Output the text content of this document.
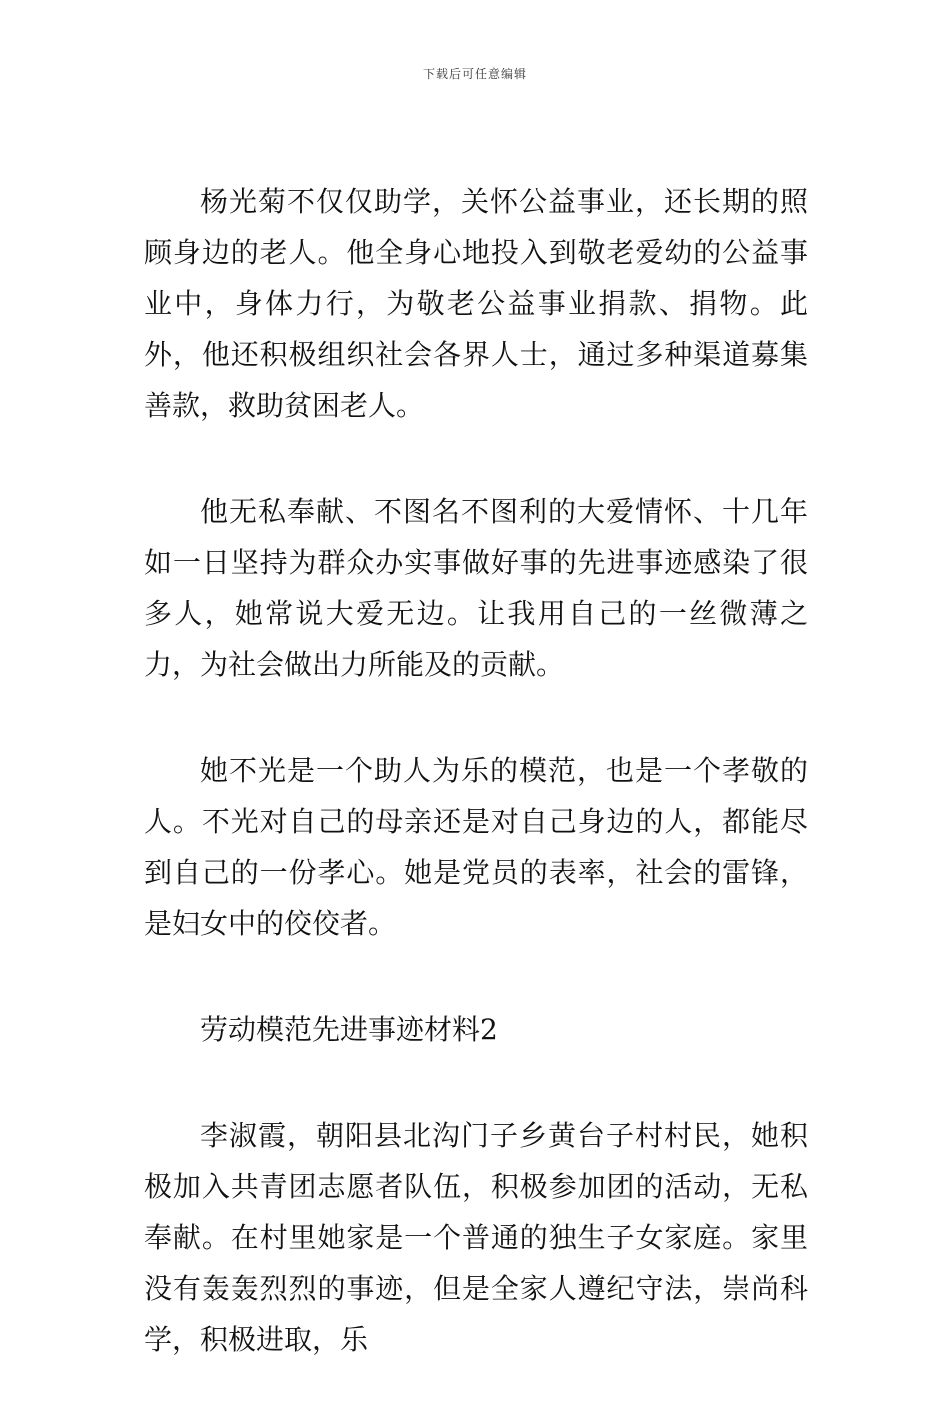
下载后可任意编辑

杨光菊不仅仅助学，关怀公益事业，还长期的照顾身边的老人。他全身心地投入到敬老爱幼的公益事业中，身体力行，为敬老公益事业捐款、捐物。此外，他还积极组织社会各界人士，通过多种渠道募集善款，救助贫困老人。

他无私奉献、不图名不图利的大爱情怀、十几年如一日坚持为群众办实事做好事的先进事迹感染了很多人，她常说大爱无边。让我用自己的一丝微薄之力，为社会做出力所能及的贡献。

她不光是一个助人为乐的模范，也是一个孝敬的人。不光对自己的母亲还是对自己身边的人，都能尽到自己的一份孝心。她是党员的表率，社会的雷锋，是妇女中的佼佼者。

劳动模范先进事迹材料2

李淑霞，朝阳县北沟门子乡黄台子村村民，她积极加入共青团志愿者队伍，积极参加团的活动，无私奉献。在村里她家是一个普通的独生子女家庭。家里没有轰轰烈烈的事迹，但是全家人遵纪守法，崇尚科学，积极进取，乐
